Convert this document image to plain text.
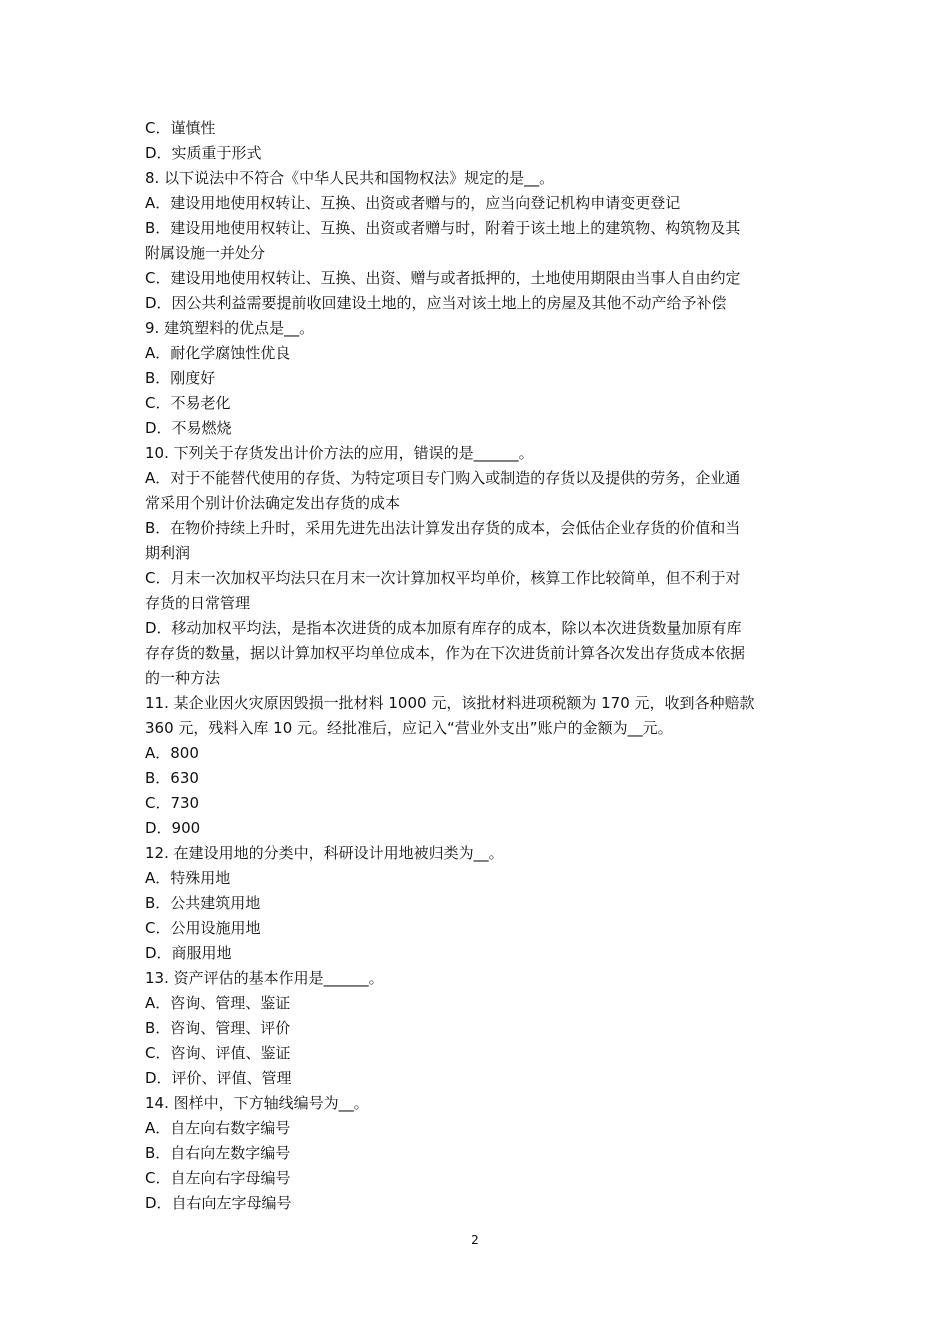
C．谨慎性
D．实质重于形式
8. 以下说法中不符合《中华人民共和国物权法》规定的是__。
A．建设用地使用权转让、互换、出资或者赠与的，应当向登记机构申请变更登记
B．建设用地使用权转让、互换、出资或者赠与时，附着于该土地上的建筑物、构筑物及其
附属设施一并处分
C．建设用地使用权转让、互换、出资、赠与或者抵押的，土地使用期限由当事人自由约定
D．因公共利益需要提前收回建设土地的，应当对该土地上的房屋及其他不动产给予补偿
9. 建筑塑料的优点是__。
A．耐化学腐蚀性优良
B．刚度好
C．不易老化
D．不易燃烧
10. 下列关于存货发出计价方法的应用，错误的是______。
A．对于不能替代使用的存货、为特定项目专门购入或制造的存货以及提供的劳务，企业通
常采用个别计价法确定发出存货的成本
B．在物价持续上升时，采用先进先出法计算发出存货的成本，会低估企业存货的价值和当
期利润
C．月末一次加权平均法只在月末一次计算加权平均单价，核算工作比较简单，但不利于对
存货的日常管理
D．移动加权平均法，是指本次进货的成本加原有库存的成本，除以本次进货数量加原有库
存存货的数量，据以计算加权平均单位成本，作为在下次进货前计算各次发出存货成本依据
的一种方法
11. 某企业因火灾原因毁损一批材料 1000 元，该批材料进项税额为 170 元，收到各种赔款
360 元，残料入库 10 元。经批准后，应记入“营业外支出”账户的金额为__元。
A．800
B．630
C．730
D．900
12. 在建设用地的分类中，科研设计用地被归类为__。
A．特殊用地
B．公共建筑用地
C．公用设施用地
D．商服用地
13. 资产评估的基本作用是______。
A．咨询、管理、鉴证
B．咨询、管理、评价
C．咨询、评值、鉴证
D．评价、评值、管理
14. 图样中，下方轴线编号为__。
A．自左向右数字编号
B．自右向左数字编号
C．自左向右字母编号
D．自右向左字母编号
2
